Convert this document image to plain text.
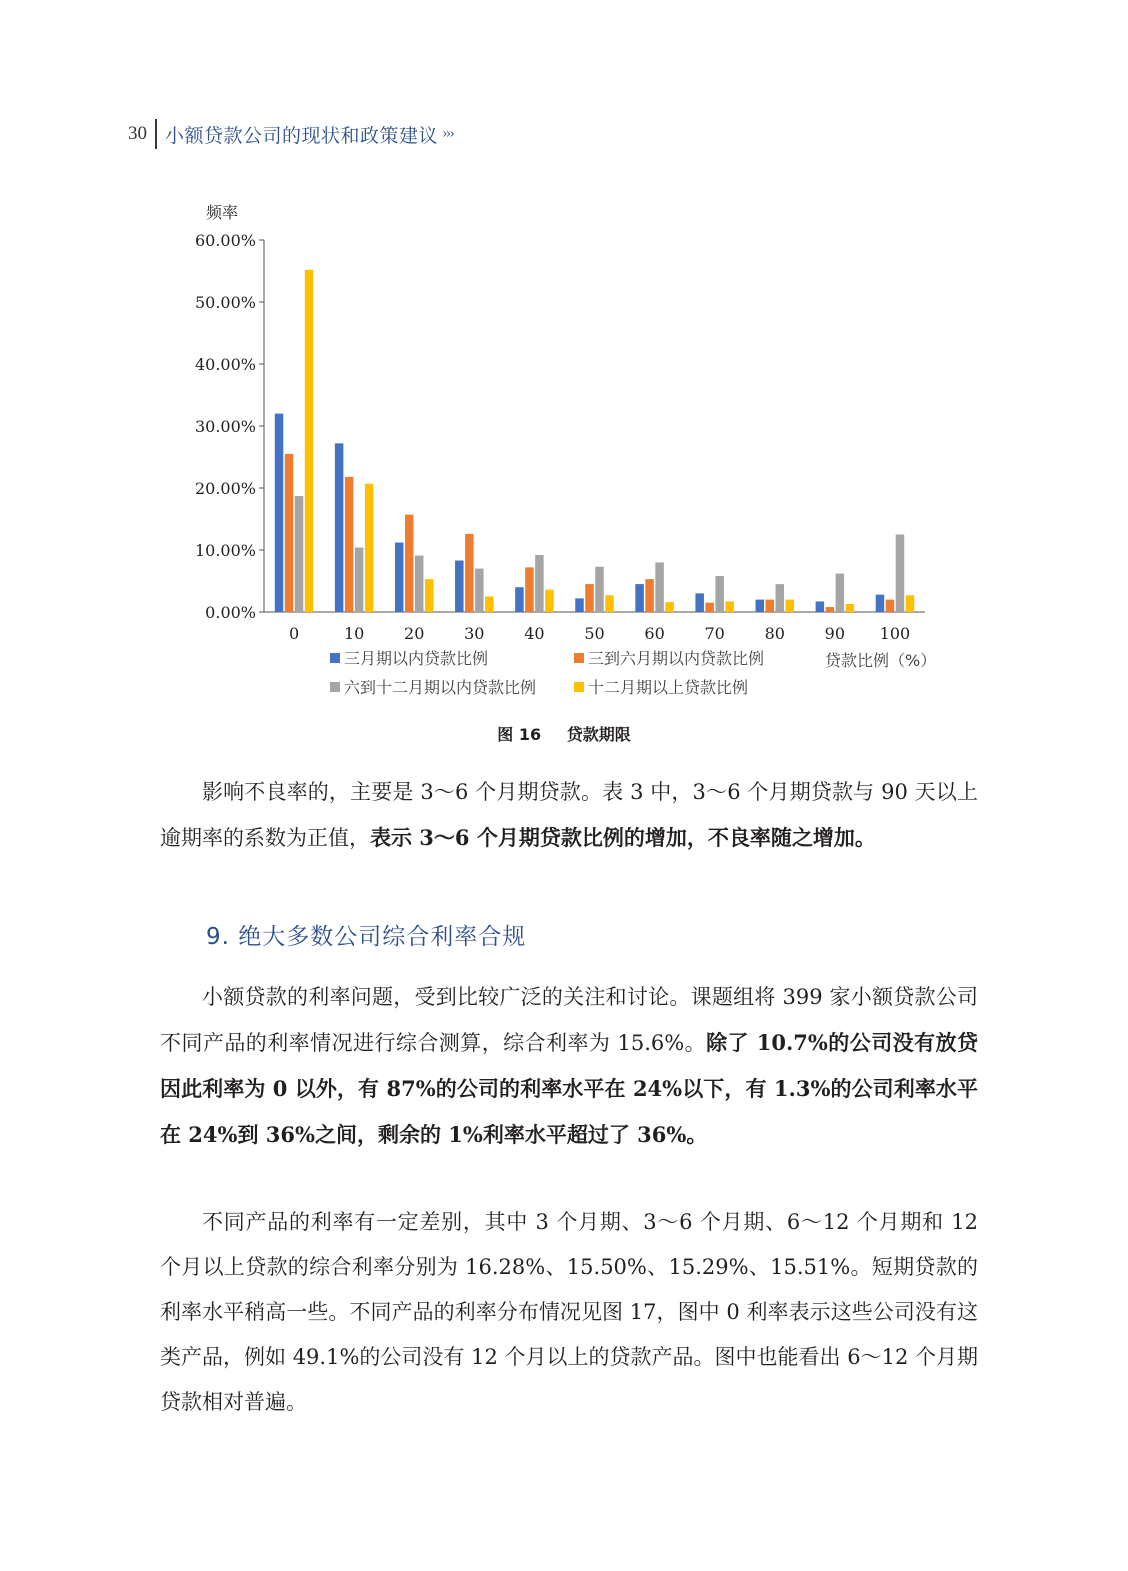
30 小额贷款公司的现状和政策建议 ›››
频率
0.00%
10.00%
20.00%
30.00%
40.00%
50.00%
60.00%
0	10 20 30 40 50 60 70 80 90 100
三月期以内贷款比例	三到六月期以内贷款比例
六到十二月期以内贷款比例	十二月期以上贷款比例
贷款比例（%）
图 16 贷款期限

影响不良率的，主要是 3～6 个月期贷款。表 3 中，3～6 个月期贷款与 90 天以上逾期率的系数为正值，表示 3～6 个月期贷款比例的增加，不良率随之增加。

9. 绝大多数公司综合利率合规

小额贷款的利率问题，受到比较广泛的关注和讨论。课题组将 399 家小额贷款公司不同产品的利率情况进行综合测算，综合利率为 15.6%。除了 10.7%的公司没有放贷因此利率为 0 以外，有 87%的公司的利率水平在 24%以下，有 1.3%的公司利率水平在 24%到 36%之间，剩余的 1%利率水平超过了 36%。

不同产品的利率有一定差别，其中 3 个月期、3～6 个月期、6～12 个月期和 12 个月以上贷款的综合利率分别为 16.28%、15.50%、15.29%、15.51%。短期贷款的利率水平稍高一些。不同产品的利率分布情况见图 17，图中 0 利率表示这些公司没有这类产品，例如 49.1%的公司没有 12 个月以上的贷款产品。图中也能看出 6～12 个月期贷款相对普遍。
